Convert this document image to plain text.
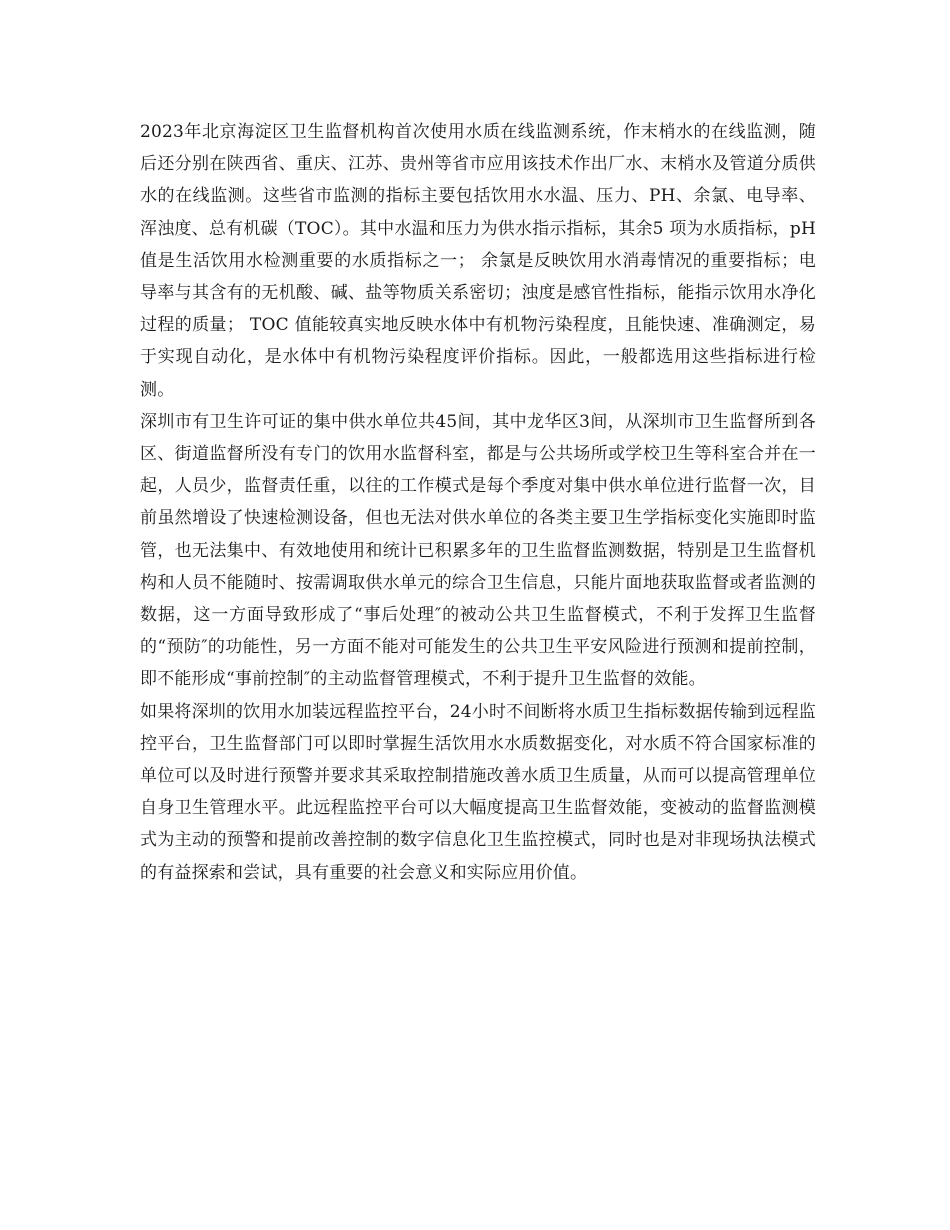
2023年北京海淀区卫生监督机构首次使用水质在线监测系统，作末梢水的在线监测，随后还分别在陕西省、重庆、江苏、贵州等省市应用该技术作出厂水、末梢水及管道分质供水的在线监测。这些省市监测的指标主要包括饮用水水温、压力、PH、余氯、电导率、浑浊度、总有机碳（TOC）。其中水温和压力为供水指示指标，其余5 项为水质指标，pH 值是生活饮用水检测重要的水质指标之一； 余氯是反映饮用水消毒情况的重要指标；电导率与其含有的无机酸、碱、盐等物质关系密切；浊度是感官性指标，能指示饮用水净化过程的质量； TOC 值能较真实地反映水体中有机物污染程度，且能快速、准确测定，易于实现自动化，是水体中有机物污染程度评价指标。因此，一般都选用这些指标进行检测。

深圳市有卫生许可证的集中供水单位共45间，其中龙华区3间，从深圳市卫生监督所到各区、街道监督所没有专门的饮用水监督科室，都是与公共场所或学校卫生等科室合并在一起，人员少，监督责任重，以往的工作模式是每个季度对集中供水单位进行监督一次，目前虽然增设了快速检测设备，但也无法对供水单位的各类主要卫生学指标变化实施即时监管，也无法集中、有效地使用和统计已积累多年的卫生监督监测数据，特别是卫生监督机构和人员不能随时、按需调取供水单元的综合卫生信息，只能片面地获取监督或者监测的数据，这一方面导致形成了“事后处理″的被动公共卫生监督模式，不利于发挥卫生监督的“预防″的功能性，另一方面不能对可能发生的公共卫生平安风险进行预测和提前控制，即不能形成“事前控制″的主动监督管理模式，不利于提升卫生监督的效能。

如果将深圳的饮用水加装远程监控平台，24小时不间断将水质卫生指标数据传输到远程监控平台，卫生监督部门可以即时掌握生活饮用水水质数据变化，对水质不符合国家标准的单位可以及时进行预警并要求其采取控制措施改善水质卫生质量，从而可以提高管理单位自身卫生管理水平。此远程监控平台可以大幅度提高卫生监督效能，变被动的监督监测模式为主动的预警和提前改善控制的数字信息化卫生监控模式，同时也是对非现场执法模式的有益探索和尝试，具有重要的社会意义和实际应用价值。
